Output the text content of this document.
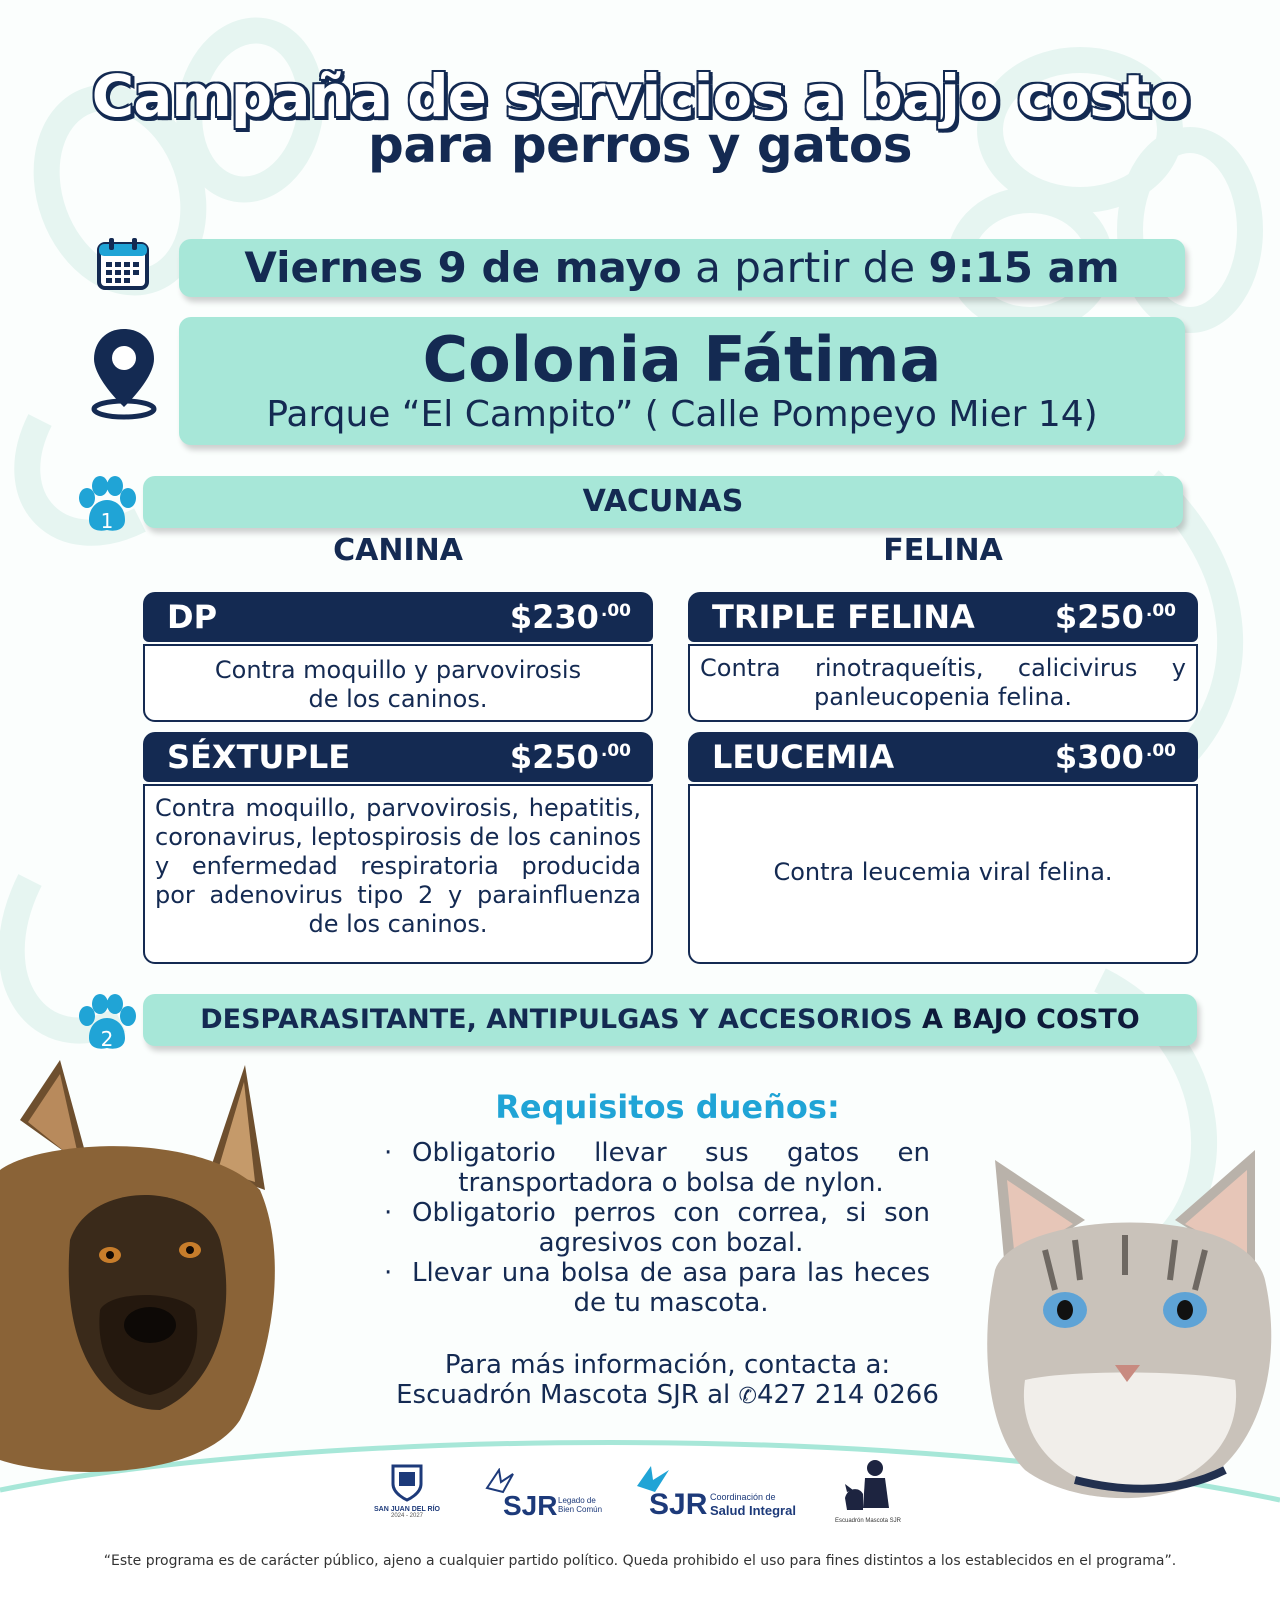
Campaña de servicios a bajo costo
para perros y gatos
Viernes 9 de mayo a partir de 9:15 am
Colonia Fátima
Parque “El Campito” ( Calle Pompeyo Mier 14)
1
VACUNAS
CANINA	FELINA
DP	$230 $^{.00}$
Contra moquillo y parvovirosis de los caninos.
TRIPLE FELINA	$250 $^{.00}$
Contra rinotraqueítis, calicivirus y panleucopenia felina.
SÉXTUPLE	$250 $^{.00}$
Contra moquillo, parvovirosis, hepatitis, coronavirus, leptospirosis de los caninos y enfermedad respiratoria producida por adenovirus tipo 2 y parainfluenza de los caninos.
LEUCEMIA	$300 $^{.00}$
Contra leucemia viral felina.
2
DESPARASITANTE, ANTIPULGAS Y ACCESORIOS A BAJO COSTO
Requisitos dueños:
· Obligatorio llevar sus gatos en transportadora o bolsa de nylon.
· Obligatorio perros con correa, si son agresivos con bozal.
· Llevar una bolsa de asa para las heces de tu mascota.
Para más información, contacta a:
Escuadrón Mascota SJR al ✆427 214 0266
SAN JUAN DEL RÍO
2024 - 2027	SJR Legado de Bien Común SJR Coordinación de
Salud Integral
Escuadrón Mascota SJR
“Este programa es de carácter público, ajeno a cualquier partido político. Queda prohibido el uso para fines distintos a los establecidos en el programa”.
